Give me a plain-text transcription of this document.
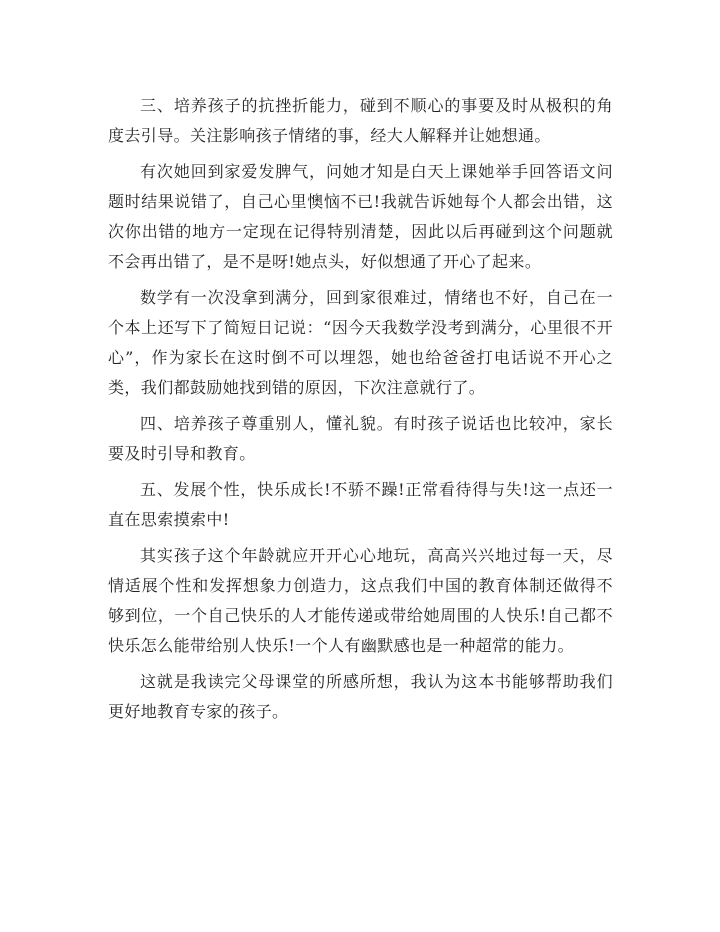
三、培养孩子的抗挫折能力，碰到不顺心的事要及时从极积的角度去引导。关注影响孩子情绪的事，经大人解释并让她想通。

有次她回到家爱发脾气，问她才知是白天上课她举手回答语文问题时结果说错了，自己心里懊恼不已!我就告诉她每个人都会出错，这次你出错的地方一定现在记得特别清楚，因此以后再碰到这个问题就不会再出错了，是不是呀!她点头，好似想通了开心了起来。

数学有一次没拿到满分，回到家很难过，情绪也不好，自己在一个本上还写下了简短日记说：“因今天我数学没考到满分，心里很不开心”，作为家长在这时倒不可以埋怨，她也给爸爸打电话说不开心之类，我们都鼓励她找到错的原因，下次注意就行了。

四、培养孩子尊重别人，懂礼貌。有时孩子说话也比较冲，家长要及时引导和教育。

五、发展个性，快乐成长!不骄不躁!正常看待得与失!这一点还一直在思索摸索中!

其实孩子这个年龄就应开开心心地玩，高高兴兴地过每一天，尽情适展个性和发挥想象力创造力，这点我们中国的教育体制还做得不够到位，一个自己快乐的人才能传递或带给她周围的人快乐!自己都不快乐怎么能带给别人快乐!一个人有幽默感也是一种超常的能力。

这就是我读完父母课堂的所感所想，我认为这本书能够帮助我们更好地教育专家的孩子。
